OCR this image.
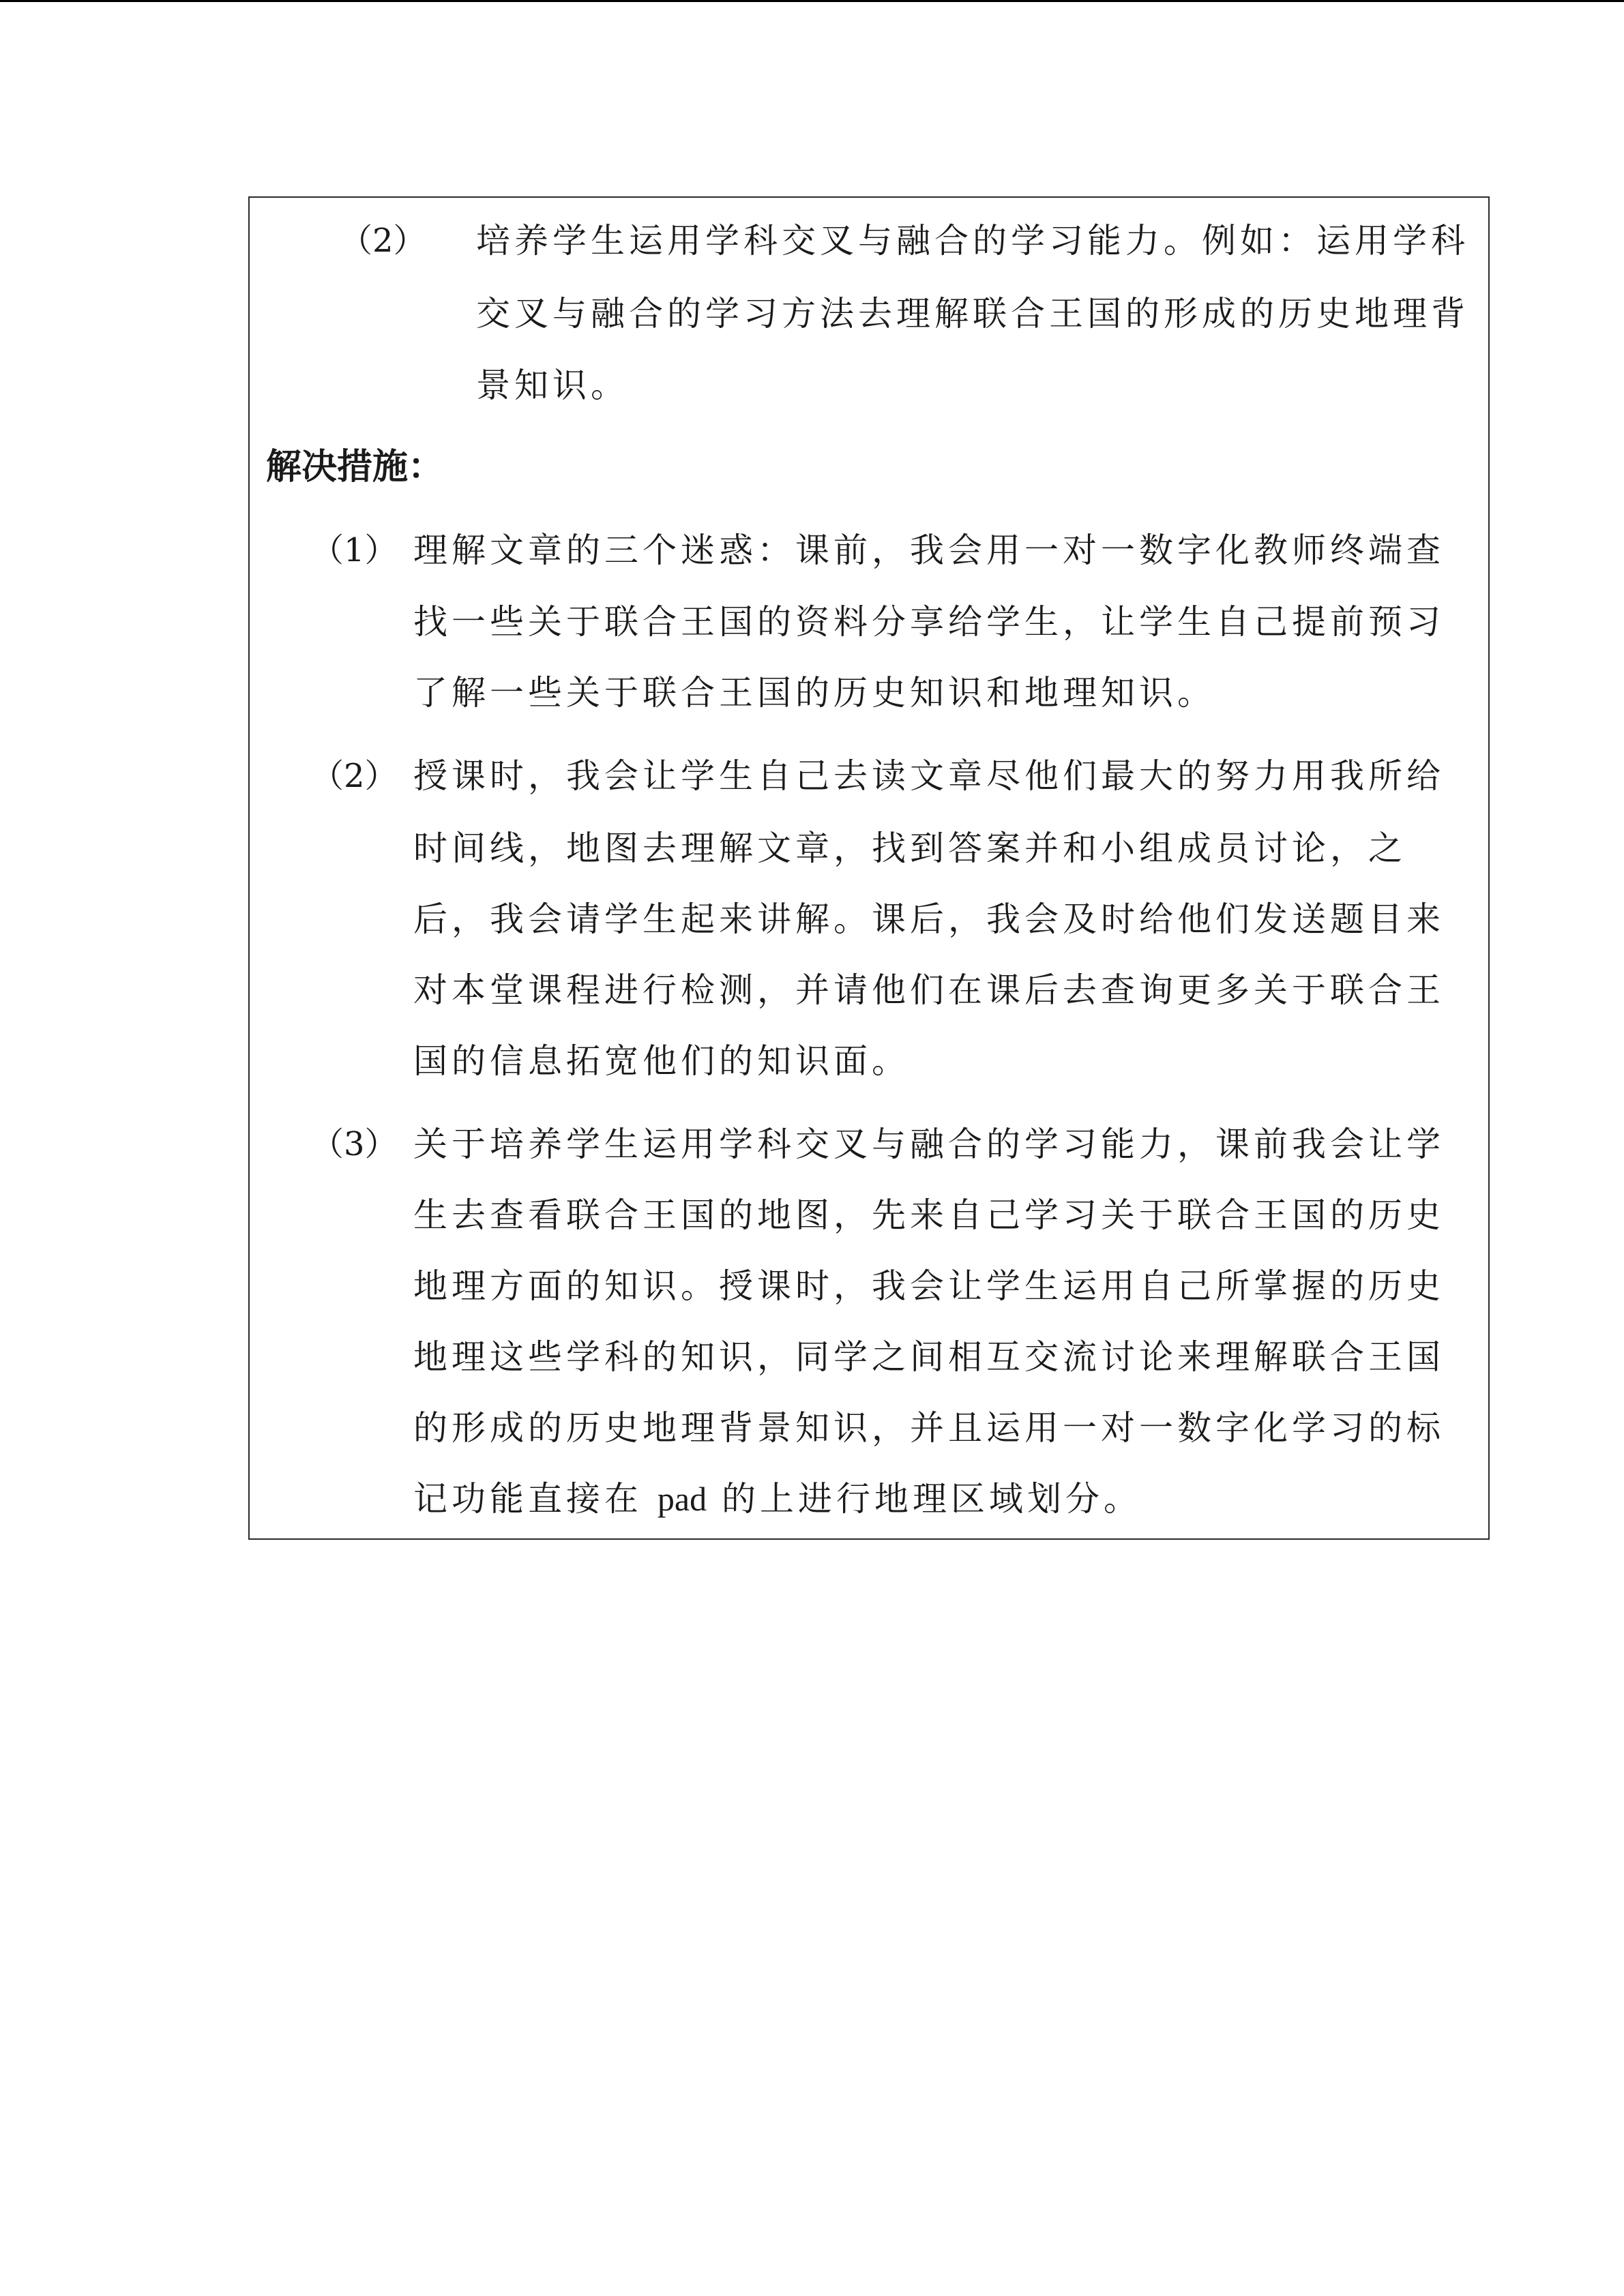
（2） 培养学生运用学科交叉与融合的学习能力。例如：运用学科
交叉与融合的学习方法去理解联合王国的形成的历史地理背
景知识。
解决措施：
（1） 理解文章的三个迷惑：课前，我会用一对一数字化教师终端查
找一些关于联合王国的资料分享给学生，让学生自己提前预习
了解一些关于联合王国的历史知识和地理知识。
（2） 授课时，我会让学生自己去读文章尽他们最大的努力用我所给
时间线，地图去理解文章，找到答案并和小组成员讨论，之
后，我会请学生起来讲解。课后，我会及时给他们发送题目来
对本堂课程进行检测，并请他们在课后去查询更多关于联合王
国的信息拓宽他们的知识面。
（3） 关于培养学生运用学科交叉与融合的学习能力，课前我会让学
生去查看联合王国的地图，先来自己学习关于联合王国的历史
地理方面的知识。授课时，我会让学生运用自己所掌握的历史
地理这些学科的知识，同学之间相互交流讨论来理解联合王国
的形成的历史地理背景知识，并且运用一对一数字化学习的标
记功能直接在 pad 的上进行地理区域划分。
